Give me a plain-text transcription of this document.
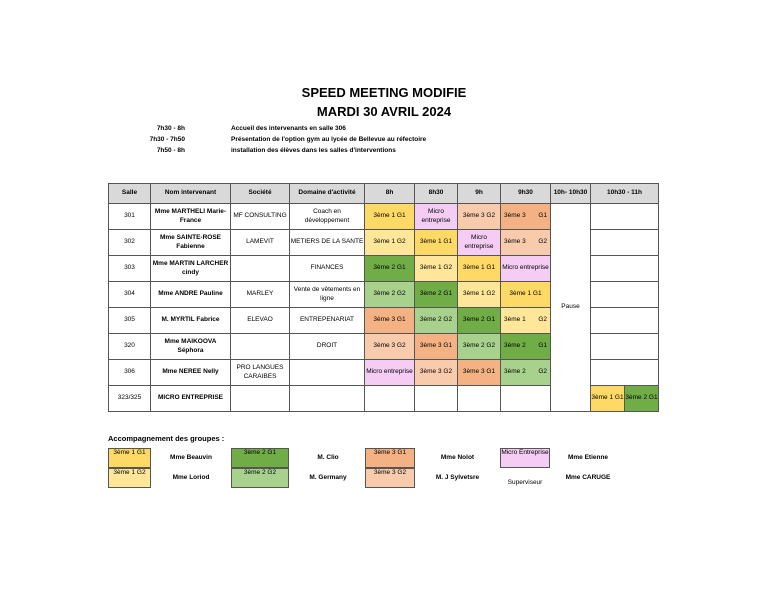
SPEED MEETING MODIFIE
MARDI 30 AVRIL 2024
7h30 - 8h	Accueil des intervenants en salle 306
7h30 - 7h50	Présentation de l'option gym au lycée de Bellevue au réfectoire
7h50 - 8h	installation des élèves dans les salles d'interventions
Salle	Nom intervenant	Société	Domaine d'activité	8h	8h30	9h	9h30	10h- 10h30	10h30 - 11h	
301	Mme MARTHELI Marie-France	MF CONSULTING	Coach en développement	3ème 1 G1	Micro entreprise	3ème 3 G2	3ème 3 G1	Pause		
302	Mme SAINTE-ROSE Fabienne	LAMEVIT	METIERS DE LA SANTE	3ème 1 G2	3ème 1 G1	Micro entreprise	3ème 3 G2			

303	Mme MARTIN LARCHER cindy		FINANCES	3ème 2 G1	3ème 1 G2	3ème 1 G1	Micro entreprise			
304	Mme ANDRE Pauline	MARLEY	Vente de vêtements en ligne	3ème 2 G2	3ème 2 G1	3ème 1 G2	3ème 1 G1			
305	M. MYRTIL Fabrice	ELEVAO	ENTREPENARIAT	3ème 3 G1	3ème 2 G2	3ème 2 G1	3ème 1 G2			

320	Mme MAIKOOVA Séphora		DROIT	3ème 3 G2	3ème 3 G1	3ème 2 G2	3ème 2 G1			

306	Mme NEREE Nelly	PRO LANGUES CARAIBES		Micro entreprise	3ème 3 G2	3ème 3 G1	3ème 2 G2			

323/325	MICRO ENTREPRISE								3ème 1 G1	3ème 2 G1
Accompagnement des groupes :
3ème 1 G1
Mme Beauvin
3ème 1 G2
Mme Loriod
3ème 2 G1
M. Clio
3ème 2 G2
M. Germany
3ème 3 G1
Mme Nolot
3ème 3 G2
M. J Sylvetsre
Micro Entreprise
Mme Etienne
Superviseur
Mme CARUGE
